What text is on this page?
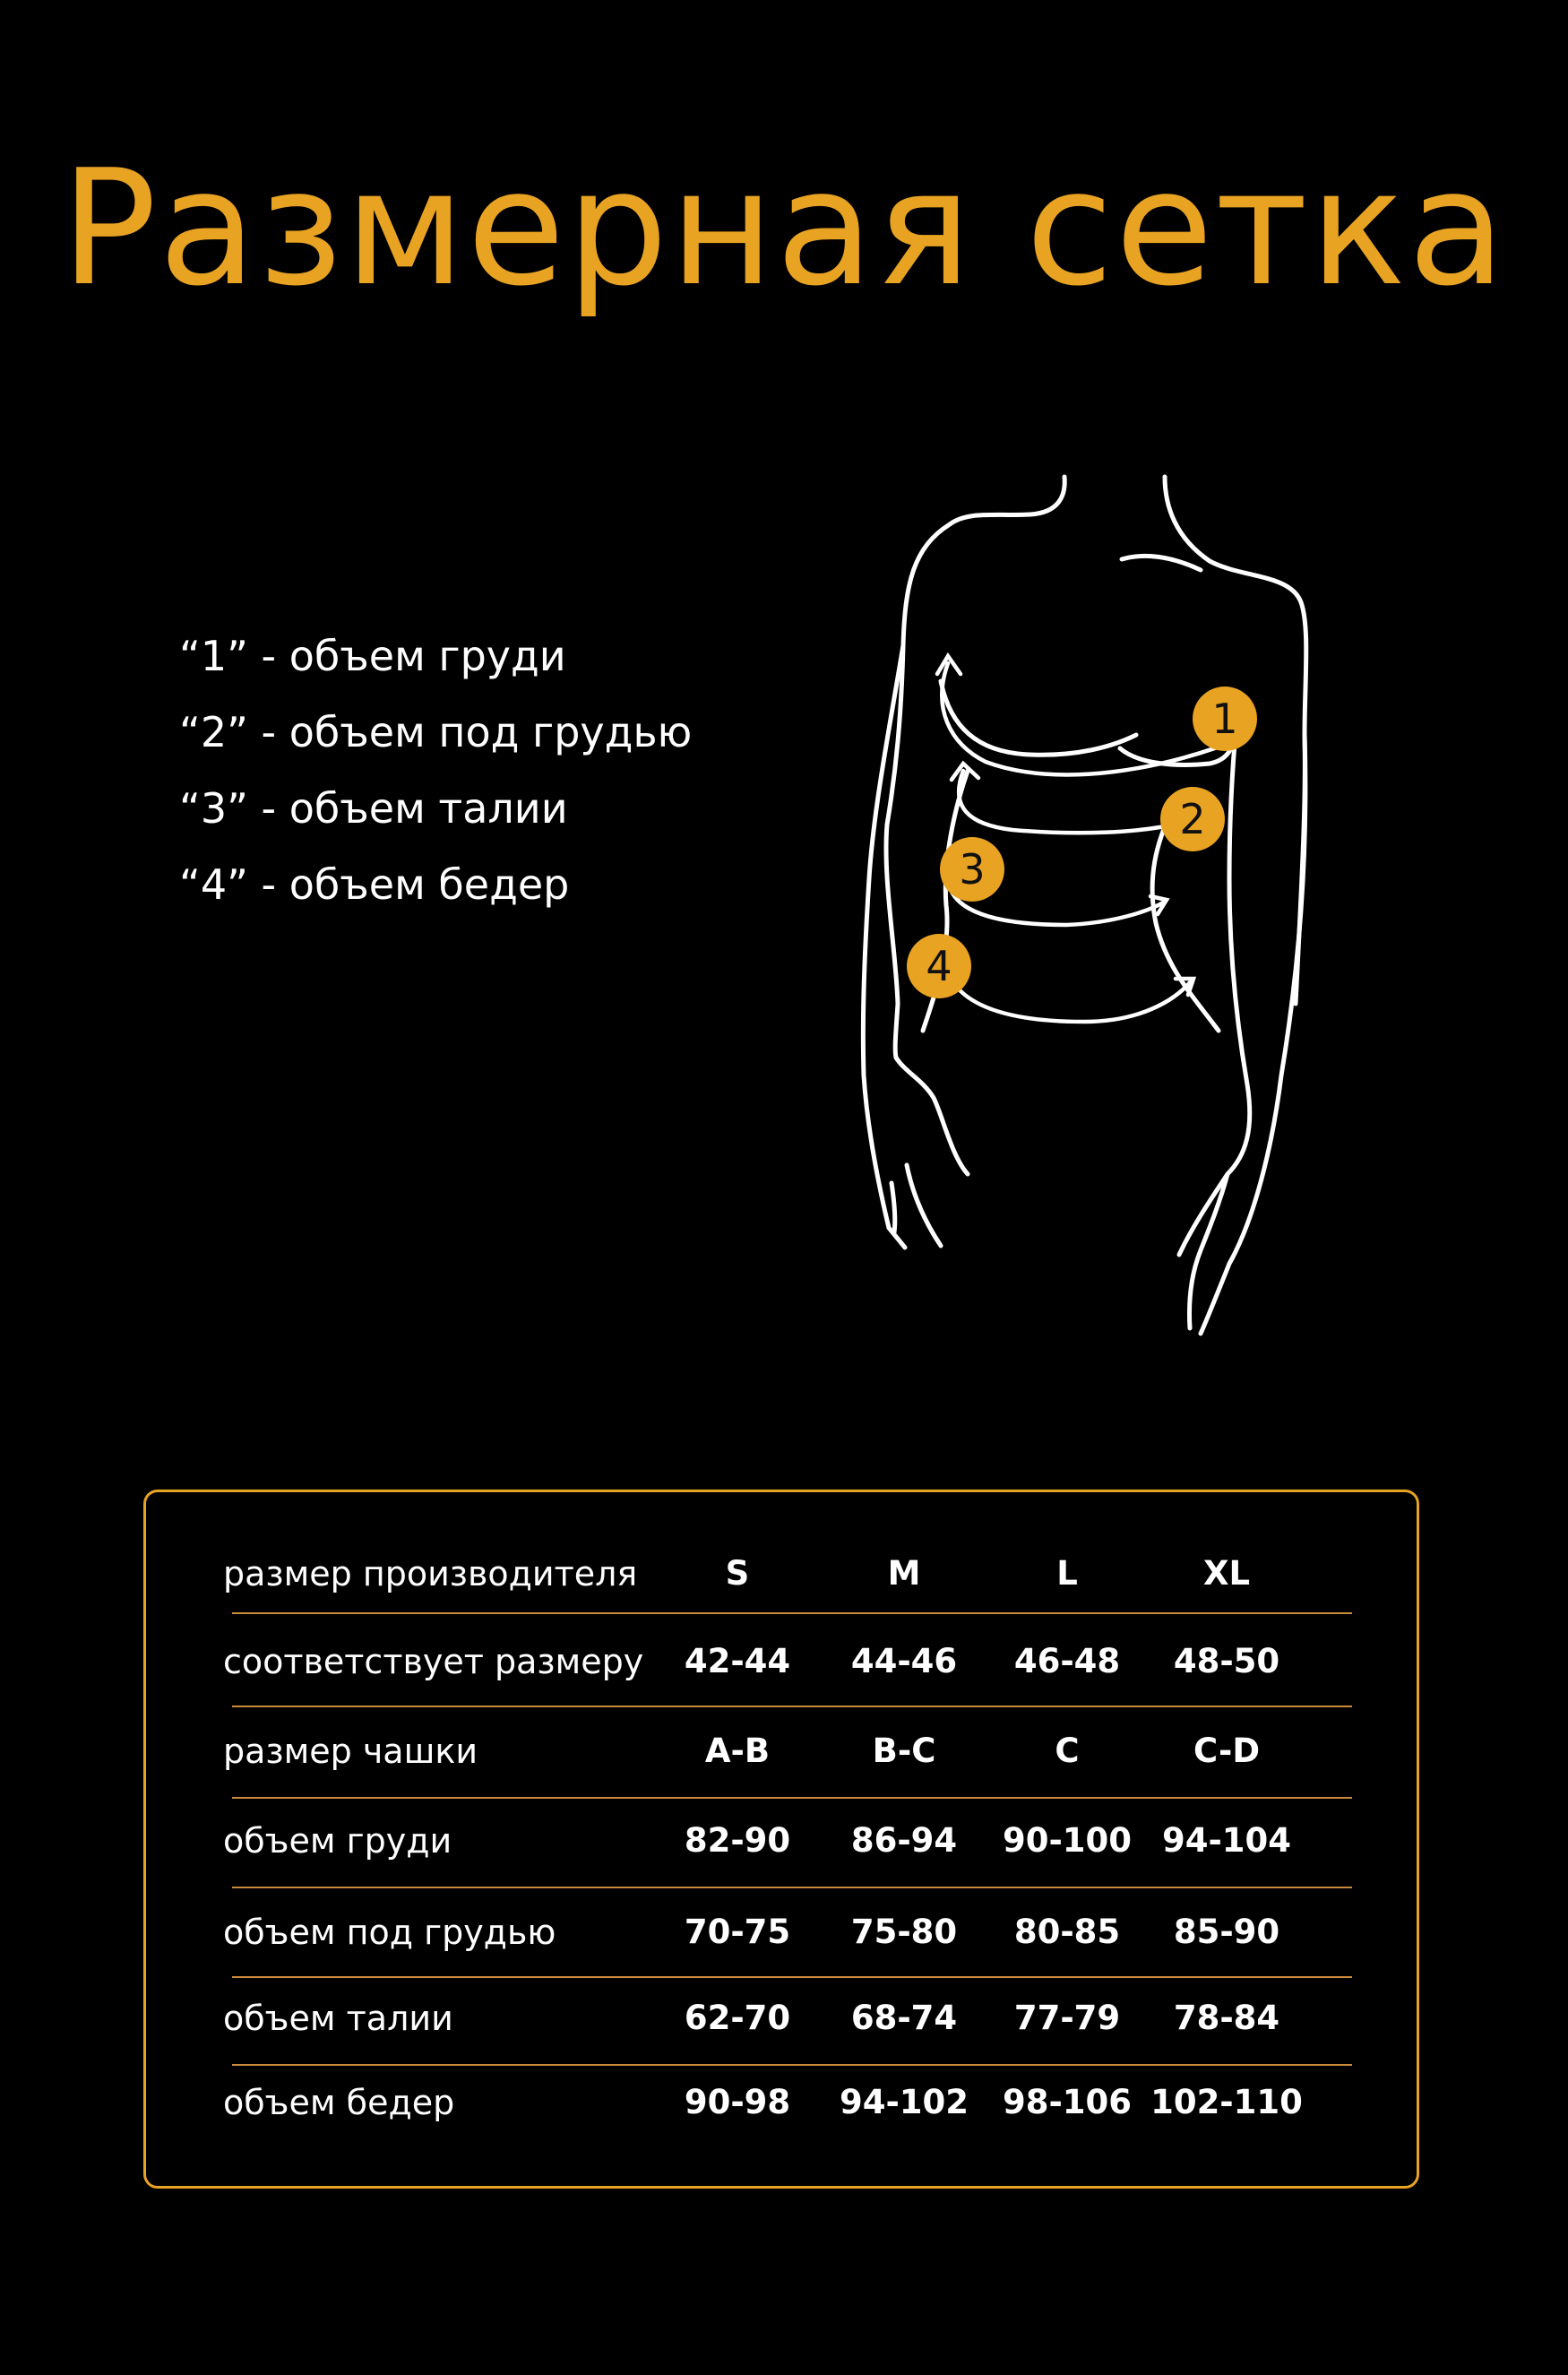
Размерная сетка
“1” - объем груди
“2” - объем под грудью
“3” - объем талии
“4” - объем бедер
1
2
3
4
размер производителя	S	M	L	XL
соответствует размеру	42-44	44-46	46-48	48-50
размер чашки	A-B	B-C	C	C-D
объем груди	82-90	86-94	90-100 94-104
объем под грудью	70-75	75-80	80-85	85-90
объем талии	62-70	68-74	77-79	78-84
объем бедер	90-98	94-102	98-106 102-110
